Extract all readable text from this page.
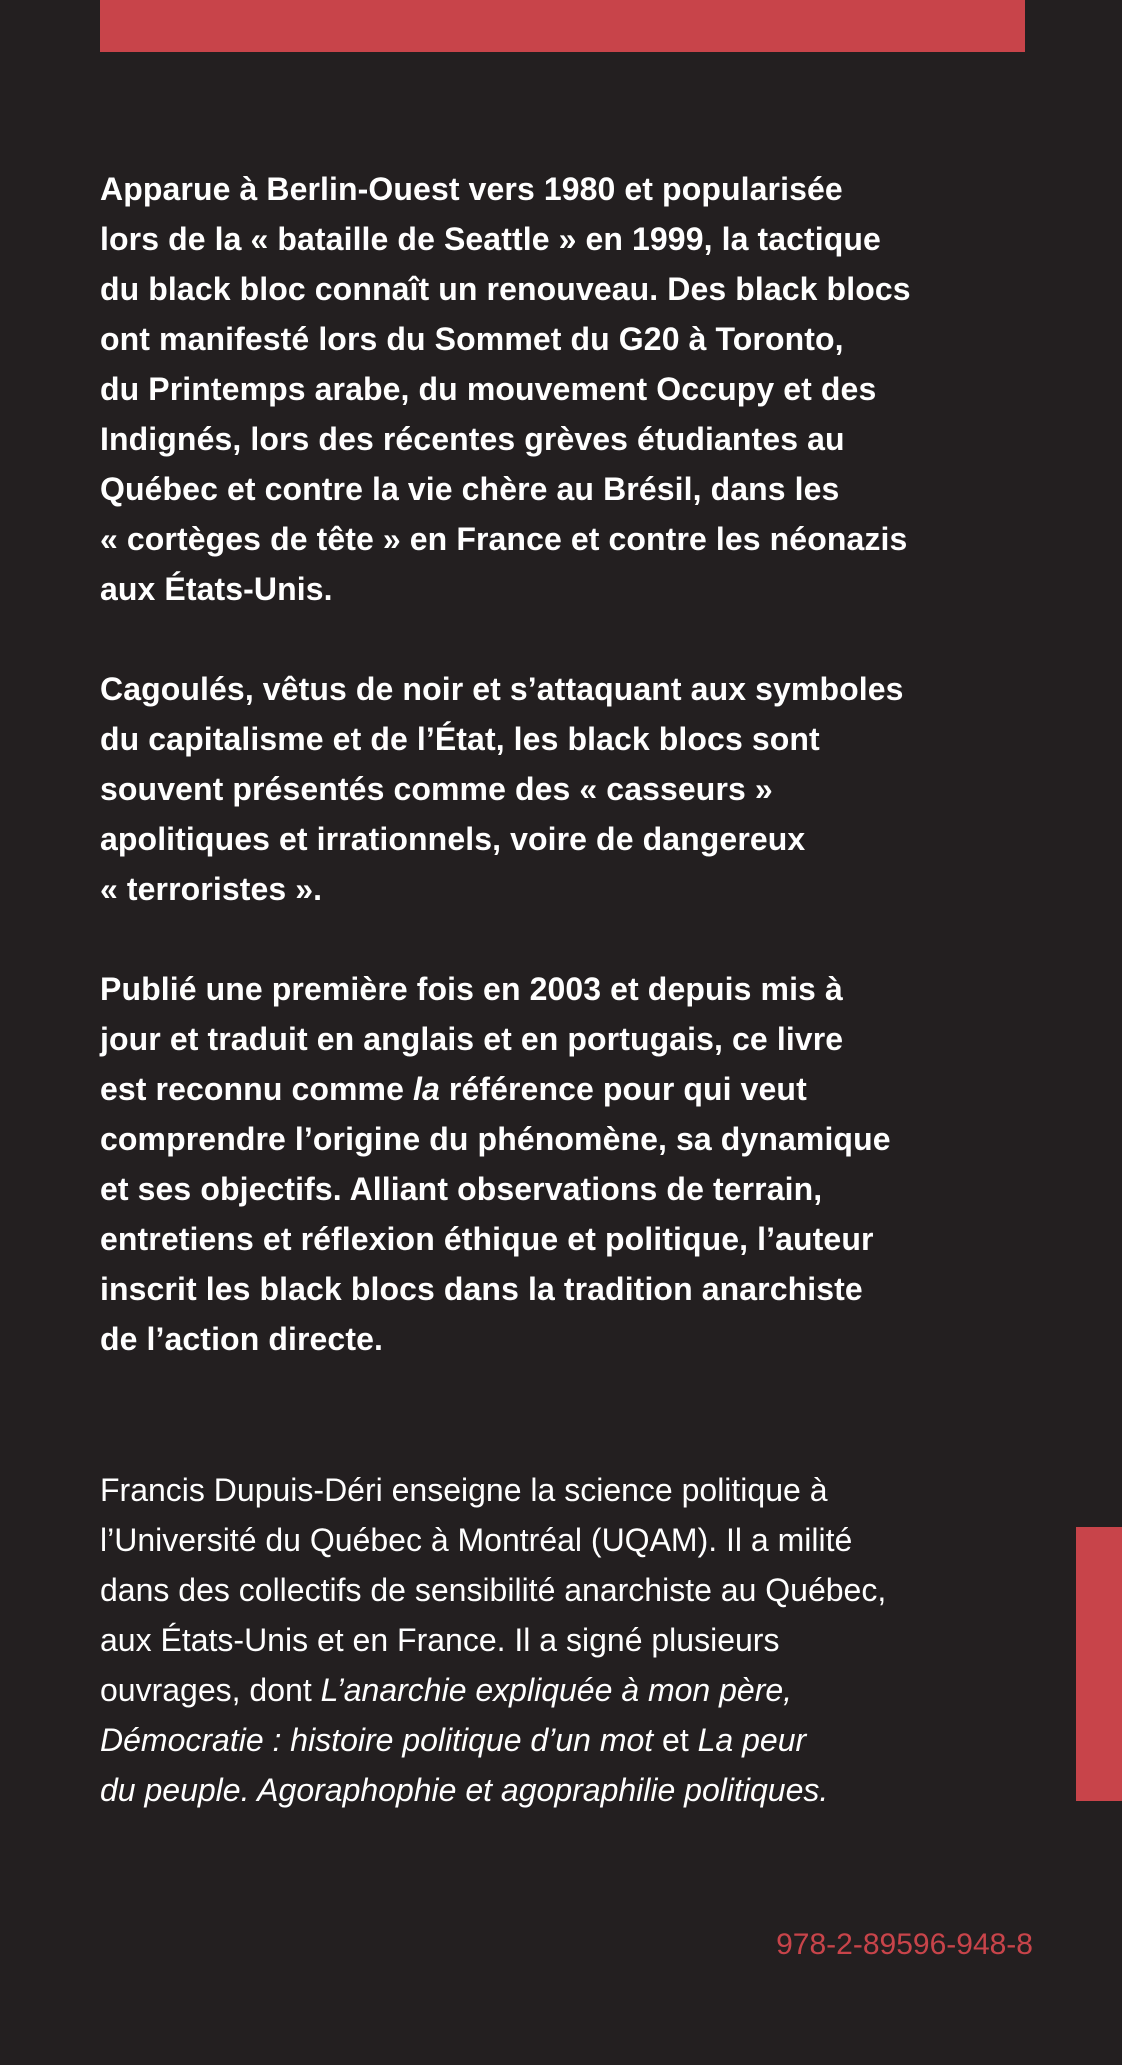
Apparue à Berlin-Ouest vers 1980 et popularisée
lors de la « bataille de Seattle » en 1999, la tactique
du black bloc connaît un renouveau. Des black blocs
ont manifesté lors du Sommet du G20 à Toronto,
du Printemps arabe, du mouvement Occupy et des
Indignés, lors des récentes grèves étudiantes au
Québec et contre la vie chère au Brésil, dans les
« cortèges de tête » en France et contre les néonazis
aux États-Unis.
Cagoulés, vêtus de noir et s’attaquant aux symboles
du capitalisme et de l’État, les black blocs sont
souvent présentés comme des « casseurs »
apolitiques et irrationnels, voire de dangereux
« terroristes ».
Publié une première fois en 2003 et depuis mis à
jour et traduit en anglais et en portugais, ce livre
est reconnu comme la référence pour qui veut
comprendre l’origine du phénomène, sa dynamique
et ses objectifs. Alliant observations de terrain,
entretiens et réflexion éthique et politique, l’auteur
inscrit les black blocs dans la tradition anarchiste
de l’action directe.
Francis Dupuis-Déri enseigne la science politique à
l’Université du Québec à Montréal (UQAM). Il a milité
dans des collectifs de sensibilité anarchiste au Québec,
aux États-Unis et en France. Il a signé plusieurs
ouvrages, dont L’anarchie expliquée à mon père,
Démocratie : histoire politique d’un mot et La peur
du peuple. Agoraphophie et agopraphilie politiques.
978-2-89596-948-8
